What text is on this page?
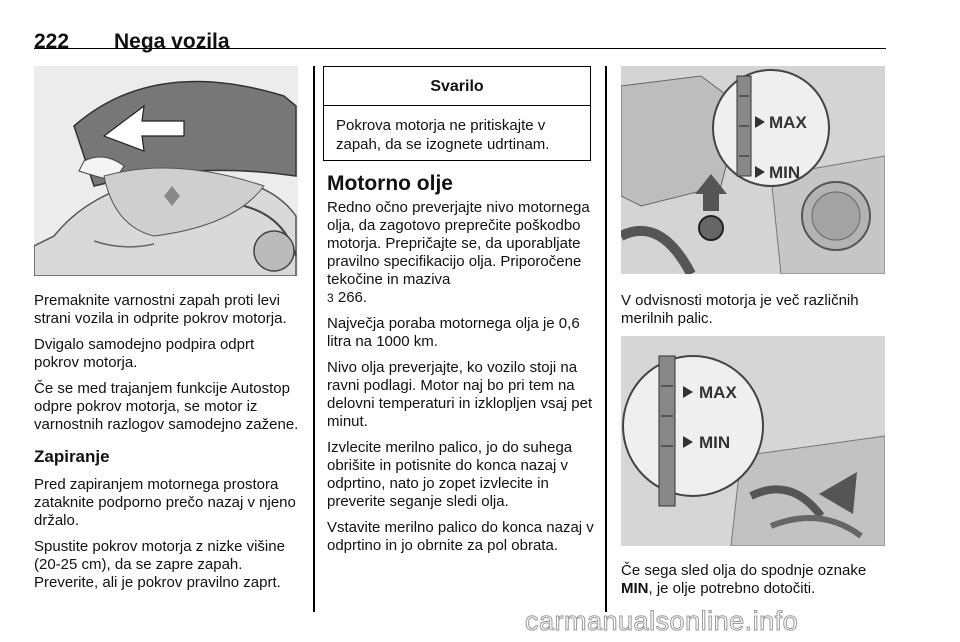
222 Nega vozila

Premaknite varnostni zapah proti levi strani vozila in odprite pokrov motorja.

Dvigalo samodejno podpira odprt pokrov motorja.

Če se med trajanjem funkcije Autostop odpre pokrov motorja, se motor iz varnostnih razlogov samodejno zažene.

Zapiranje

Pred zapiranjem motornega prostora zataknite podporno prečo nazaj v njeno držalo.

Spustite pokrov motorja z nizke višine (20-25 cm), da se zapre zapah. Preverite, ali je pokrov pravilno zaprt.

Svarilo
Pokrova motorja ne pritiskajte v zapah, da se izognete udrtinam.
Motorno olje

Redno očno preverjajte nivo motornega olja, da zagotovo preprečite poškodbo motorja. Prepričajte se, da uporabljate pravilno specifikacijo olja. Priporočene tekočine in maziva
3 266.

Največja poraba motornega olja je 0,6 litra na 1000 km.

Nivo olja preverjajte, ko vozilo stoji na ravni podlagi. Motor naj bo pri tem na delovni temperaturi in izklopljen vsaj pet minut.

Izvlecite merilno palico, jo do suhega obrišite in potisnite do konca nazaj v odprtino, nato jo zopet izvlecite in preverite seganje sledi olja.

Vstavite merilno palico do konca nazaj v odprtino in jo obrnite za pol obrata.

MAX
MIN
V odvisnosti motorja je več različnih merilnih palic.
MAX
MIN
Če sega sled olja do spodnje oznake MIN, je olje potrebno dotočiti.
carmanualsonline.info
